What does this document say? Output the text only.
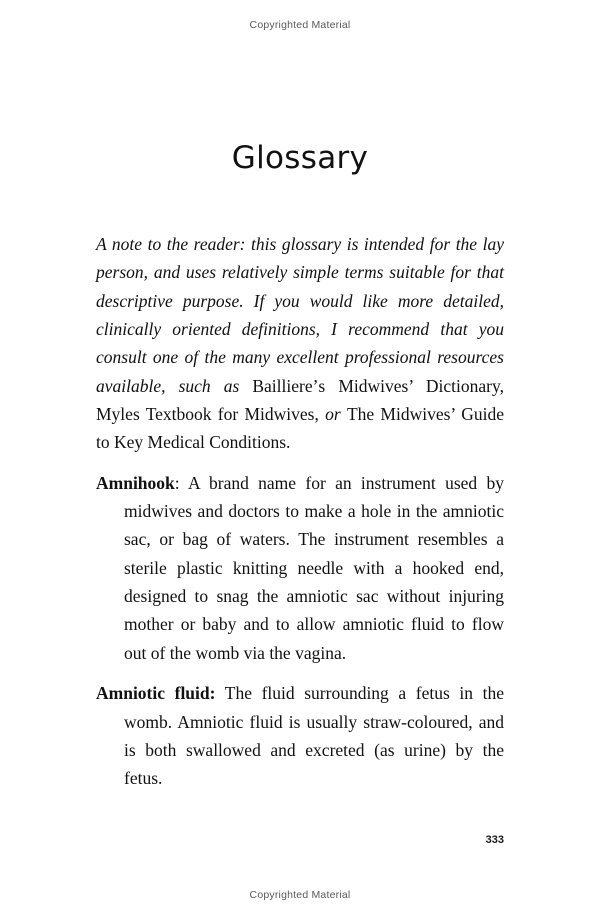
Copyrighted Material
Glossary

A note to the reader: this glossary is intended for the lay person, and uses relatively simple terms suitable for that descriptive purpose. If you would like more detailed, clinically oriented definitions, I recommend that you consult one of the many excellent professional resources available, such as Baillierе’s Midwives’ Dictionary, Myles Textbook for Midwives, or The Midwives’ Guide to Key Medical Conditions.

Amnihook: A brand name for an instrument used by midwives and doctors to make a hole in the amniotic sac, or bag of waters. The instrument resembles a sterile plastic knitting needle with a hooked end, designed to snag the amniotic sac without injuring mother or baby and to allow amniotic fluid to flow out of the womb via the vagina.

Amniotic fluid: The fluid surrounding a fetus in the womb. Amniotic fluid is usually straw-coloured, and is both swallowed and excreted (as urine) by the fetus.

333
Copyrighted Material
